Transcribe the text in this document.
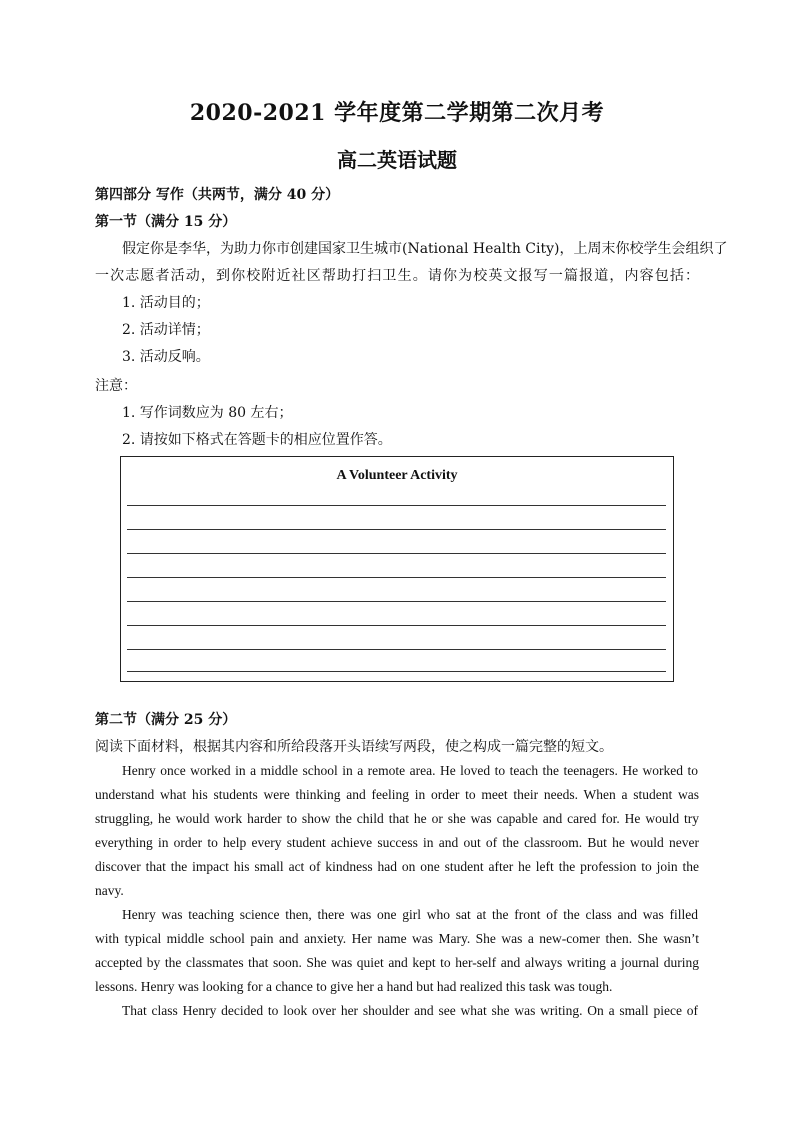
2020-2021 学年度第二学期第二次月考
高二英语试题
第四部分 写作（共两节，满分 40 分）
第一节（满分 15 分）
假定你是李华，为助力你市创建国家卫生城市(National Health City)，上周末你校学生会组织了
一次志愿者活动，到你校附近社区帮助打扫卫生。请你为校英文报写一篇报道，内容包括：
1. 活动目的；
2. 活动详情；
3. 活动反响。
注意：
1. 写作词数应为 80 左右；
2. 请按如下格式在答题卡的相应位置作答。
A Volunteer Activity
第二节（满分 25 分）
阅读下面材料，根据其内容和所给段落开头语续写两段，使之构成一篇完整的短文。
Henry once worked in a middle school in a remote area. He loved to teach the teenagers. He worked to
understand what his students were thinking and feeling in order to meet their needs. When a student was
struggling, he would work harder to show the child that he or she was capable and cared for. He would try
everything in order to help every student achieve success in and out of the classroom. But he would never
discover that the impact his small act of kindness had on one student after he left the profession to join the
navy.
Henry was teaching science then, there was one girl who sat at the front of the class and was filled
with typical middle school pain and anxiety. Her name was Mary. She was a new-comer then. She wasn’t
accepted by the classmates that soon. She was quiet and kept to her-self and always writing a journal during
lessons. Henry was looking for a chance to give her a hand but had realized this task was tough.
That class Henry decided to look over her shoulder and see what she was writing. On a small piece of
